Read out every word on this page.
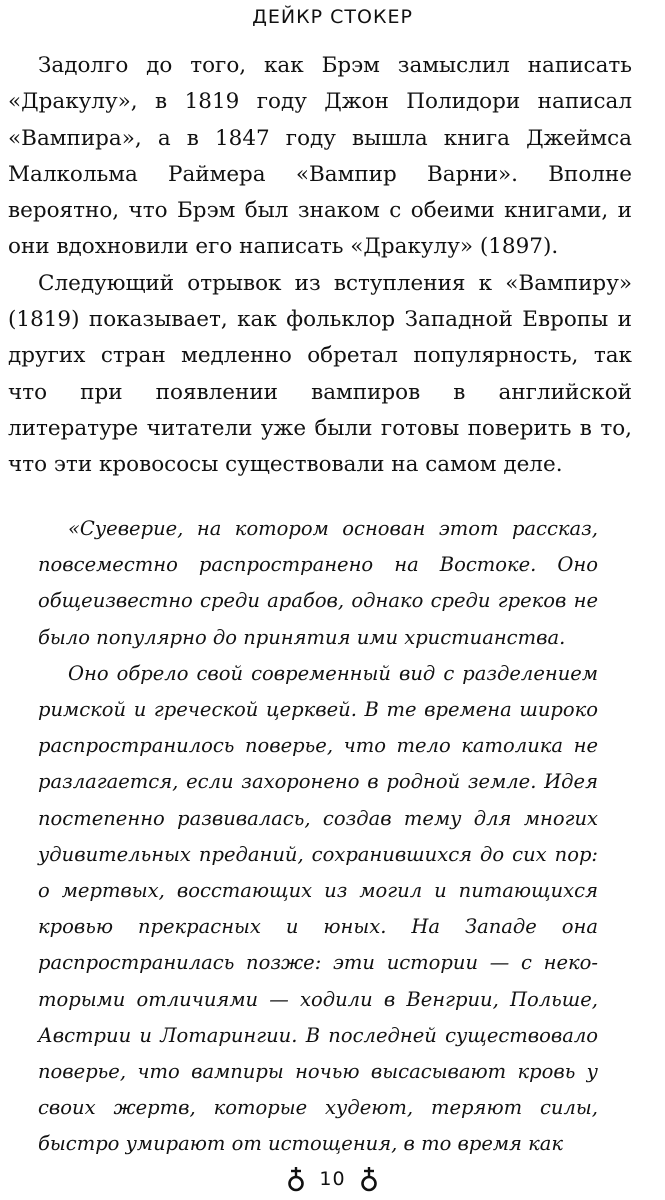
ДЕЙКР СТОКЕР

Задолго до того, как Брэм замыслил написать «Дракулу», в 1819 году Джон Полидори написал «Вампира», а в 1847 году вышла книга Джеймса Малкольма Раймера «Вампир Варни». Вполне вероятно, что Брэм был знаком с обеими книгами, и они вдохновили его написать «Дракулу» (1897).

Следующий отрывок из вступления к «Вампиру» (1819) показывает, как фольклор Западной Европы и других стран медленно обретал популярность, так что при появлении вампиров в английской литературе читатели уже были готовы поверить в то, что эти кровососы существовали на самом деле.

«Суеверие, на котором основан этот рассказ, повсеместно распространено на Востоке. Оно общеизвестно среди арабов, однако среди греков не было популярно до принятия ими христианства.

Оно обрело свой современный вид с разделением римской и греческой церквей. В те времена широко распространилось поверье, что тело католика не разлагается, если захоронено в родной земле. Идея постепенно развивалась, создав тему для многих удивительных преданий, сохранившихся до сих пор: о мертвых, восстающих из могил и питающихся кровью прекрасных и юных. На Западе она распространилась позже: эти истории — с некоторыми отличиями — ходили в Венгрии, Польше, Австрии и Лотарингии. В последней существовало поверье, что вампиры ночью высасывают кровь у своих жертв, которые худеют, теряют силы, быстро умирают от истощения, в то время как

10
